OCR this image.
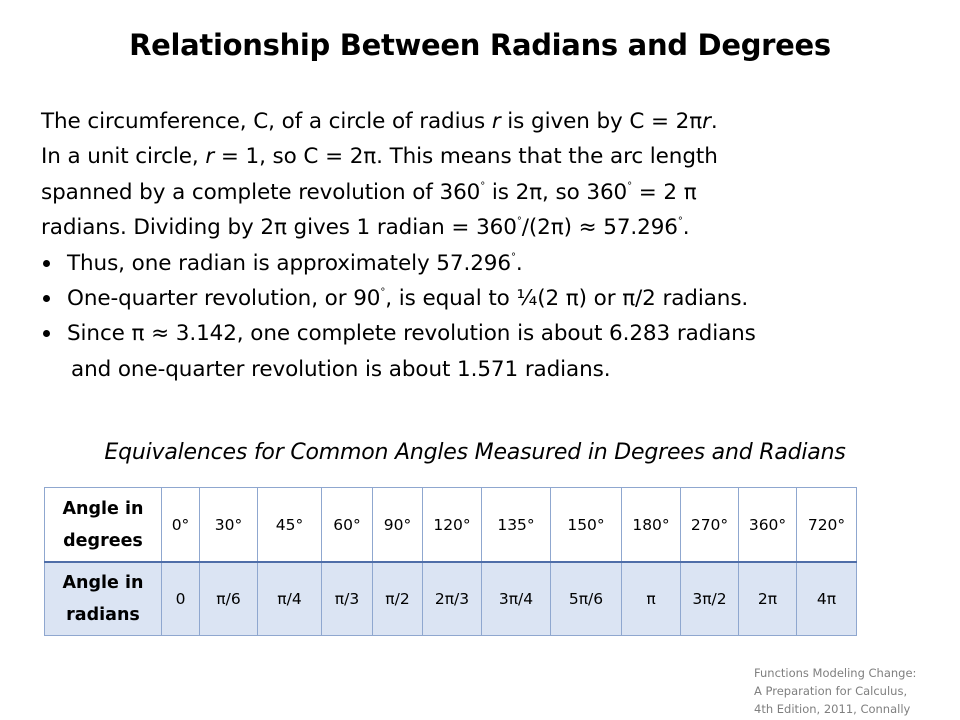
Relationship Between Radians and Degrees

The circumference, C, of a circle of radius r is given by C = 2πr.

In a unit circle, r = 1, so C = 2π. This means that the arc length

spanned by a complete revolution of 360° is 2π, so 360° = 2 π

radians. Dividing by 2π gives 1 radian = 360°/(2π) ≈ 57.296°.

Thus, one radian is approximately 57.296°.

One-quarter revolution, or 90°, is equal to ¼(2 π) or π/2 radians.

Since π ≈ 3.142, one complete revolution is about 6.283 radians

and one-quarter revolution is about 1.571 radians.

Equivalences for Common Angles Measured in Degrees and Radians
Angle in
degrees	0°	30°	45°	60°	90°	120°	135°	150°	180°	270°	360°	720°
Angle in
radians	0	π/6	π/4	π/3	π/2	2π/3	3π/4	5π/6	π	3π/2	2π	4π
Functions Modeling Change:
A Preparation for Calculus,
4th Edition, 2011, Connally
